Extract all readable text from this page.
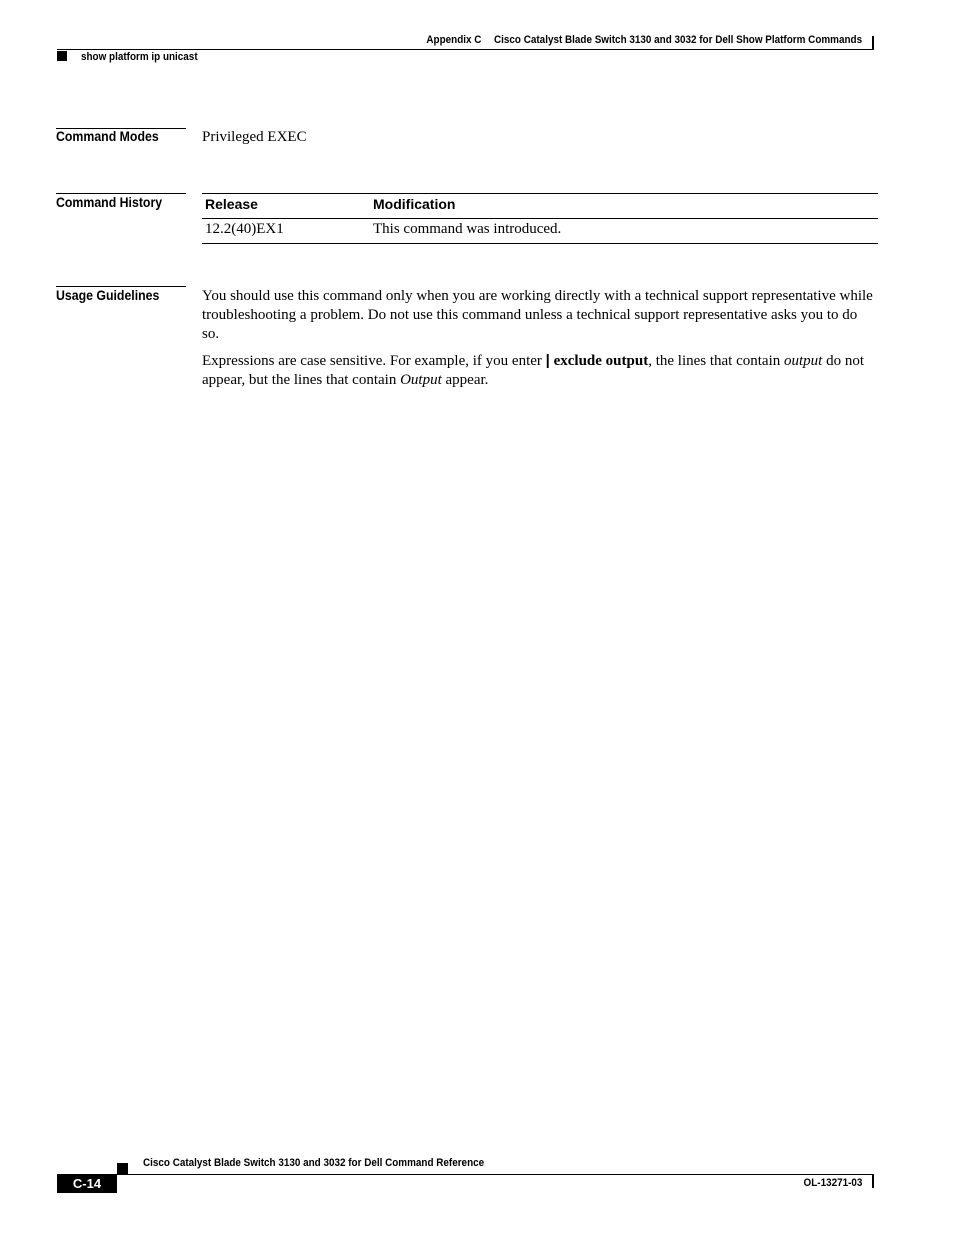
Appendix C Cisco Catalyst Blade Switch 3130 and 3032 for Dell Show Platform Commands
show platform ip unicast
Command Modes	Privileged EXEC
Command History	Release	Modification
12.2(40)EX1	This command was introduced.
Usage Guidelines	You should use this command only when you are working directly with a technical support representative while troubleshooting a problem. Do not use this command unless a technical support representative asks you to do so.
Expressions are case sensitive. For example, if you enter | exclude output, the lines that contain output do not appear, but the lines that contain Output appear.
Cisco Catalyst Blade Switch 3130 and 3032 for Dell Command Reference
C-14	OL-13271-03
